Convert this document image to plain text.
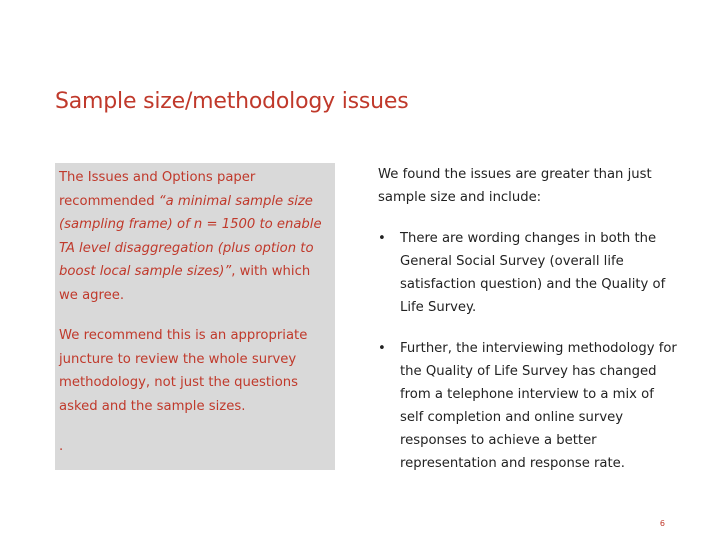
Sample size/methodology issues

The Issues and Options paper recommended “a minimal sample size (sampling frame) of n = 1500 to enable TA level disaggregation (plus option to boost local sample sizes)”, with which we agree.

We recommend this is an appropriate juncture to review the whole survey methodology, not just the questions asked and the sample sizes.

.

We found the issues are greater than just sample size and include:

• There are wording changes in both the General Social Survey (overall life satisfaction question) and the Quality of Life Survey.
• Further, the interviewing methodology for the Quality of Life Survey has changed from a telephone interview to a mix of self completion and online survey responses to achieve a better representation and response rate.
6
